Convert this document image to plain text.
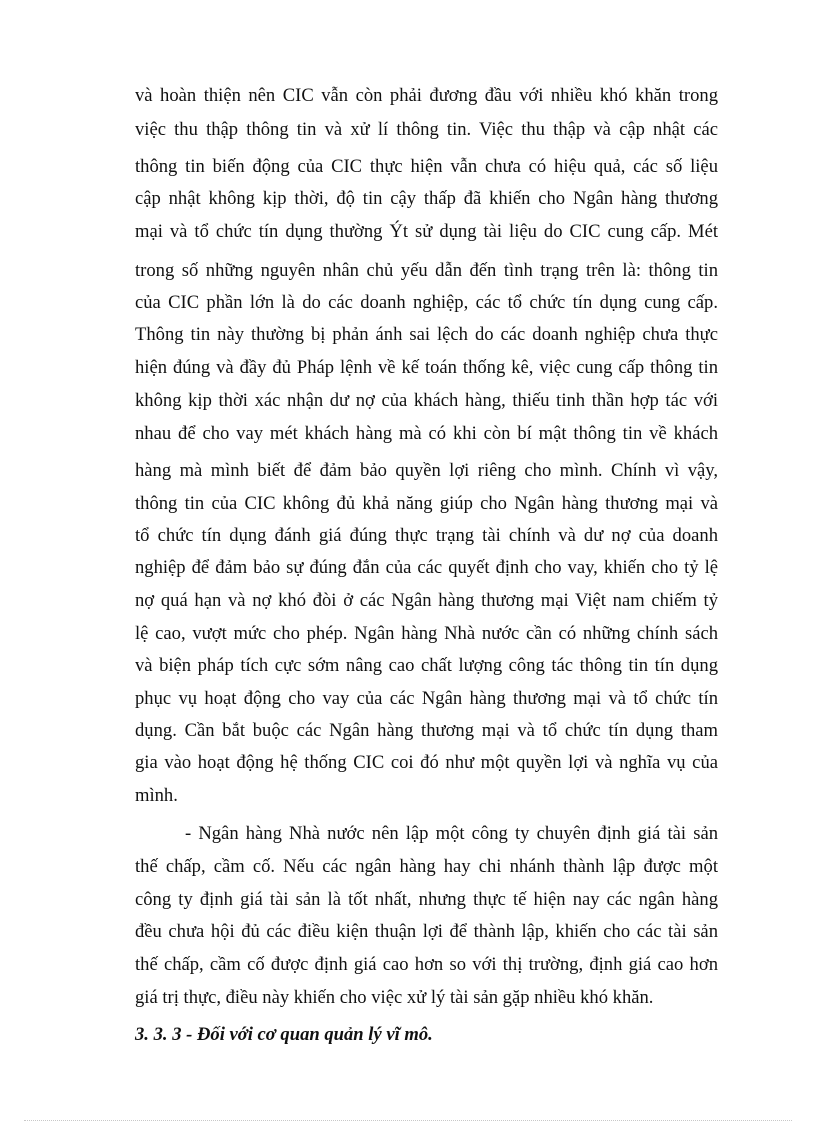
và hoàn thiện nên CIC vẫn còn phải đương đầu với nhiều khó khăn trong
việc thu thập thông tin và xử lí thông tin. Việc thu thập và cập nhật các
thông tin biến động của CIC thực hiện vẫn chưa có hiệu quả, các số liệu
cập nhật không kịp thời, độ tin cậy thấp đã khiến cho Ngân hàng thương
mại và tổ chức tín dụng thường Ýt sử dụng tài liệu do CIC cung cấp. Mét
trong số những nguyên nhân chủ yếu dẫn đến tình trạng trên là: thông tin
của CIC phần lớn là do các doanh nghiệp, các tổ chức tín dụng cung cấp.
Thông tin này thường bị phản ánh sai lệch do các doanh nghiệp chưa thực
hiện đúng và đầy đủ Pháp lệnh về kế toán thống kê, việc cung cấp thông tin
không kịp thời xác nhận dư nợ của khách hàng, thiếu tinh thần hợp tác với
nhau để cho vay mét khách hàng mà có khi còn bí mật thông tin về khách
hàng mà mình biết để đảm bảo quyền lợi riêng cho mình. Chính vì vậy,
thông tin của CIC không đủ khả năng giúp cho Ngân hàng thương mại và
tổ chức tín dụng đánh giá đúng thực trạng tài chính và dư nợ của doanh
nghiệp để đảm bảo sự đúng đắn của các quyết định cho vay, khiến cho tỷ lệ
nợ quá hạn và nợ khó đòi ở các Ngân hàng thương mại Việt nam chiếm tỷ
lệ cao, vượt mức cho phép. Ngân hàng Nhà nước cần có những chính sách
và biện pháp tích cực sớm nâng cao chất lượng công tác thông tin tín dụng
phục vụ hoạt động cho vay của các Ngân hàng thương mại và tổ chức tín
dụng. Cần bắt buộc các Ngân hàng thương mại và tổ chức tín dụng tham
gia vào hoạt động hệ thống CIC coi đó như một quyền lợi và nghĩa vụ của
mình.
- Ngân hàng Nhà nước nên lập một công ty chuyên định giá tài sản
thế chấp, cầm cố. Nếu các ngân hàng hay chi nhánh thành lập được một
công ty định giá tài sản là tốt nhất, nhưng thực tế hiện nay các ngân hàng
đều chưa hội đủ các điều kiện thuận lợi để thành lập, khiến cho các tài sản
thế chấp, cầm cố được định giá cao hơn so với thị trường, định giá cao hơn
giá trị thực, điều này khiến cho việc xử lý tài sản gặp nhiều khó khăn.
3. 3. 3 - Đối với cơ quan quản lý vĩ mô.
